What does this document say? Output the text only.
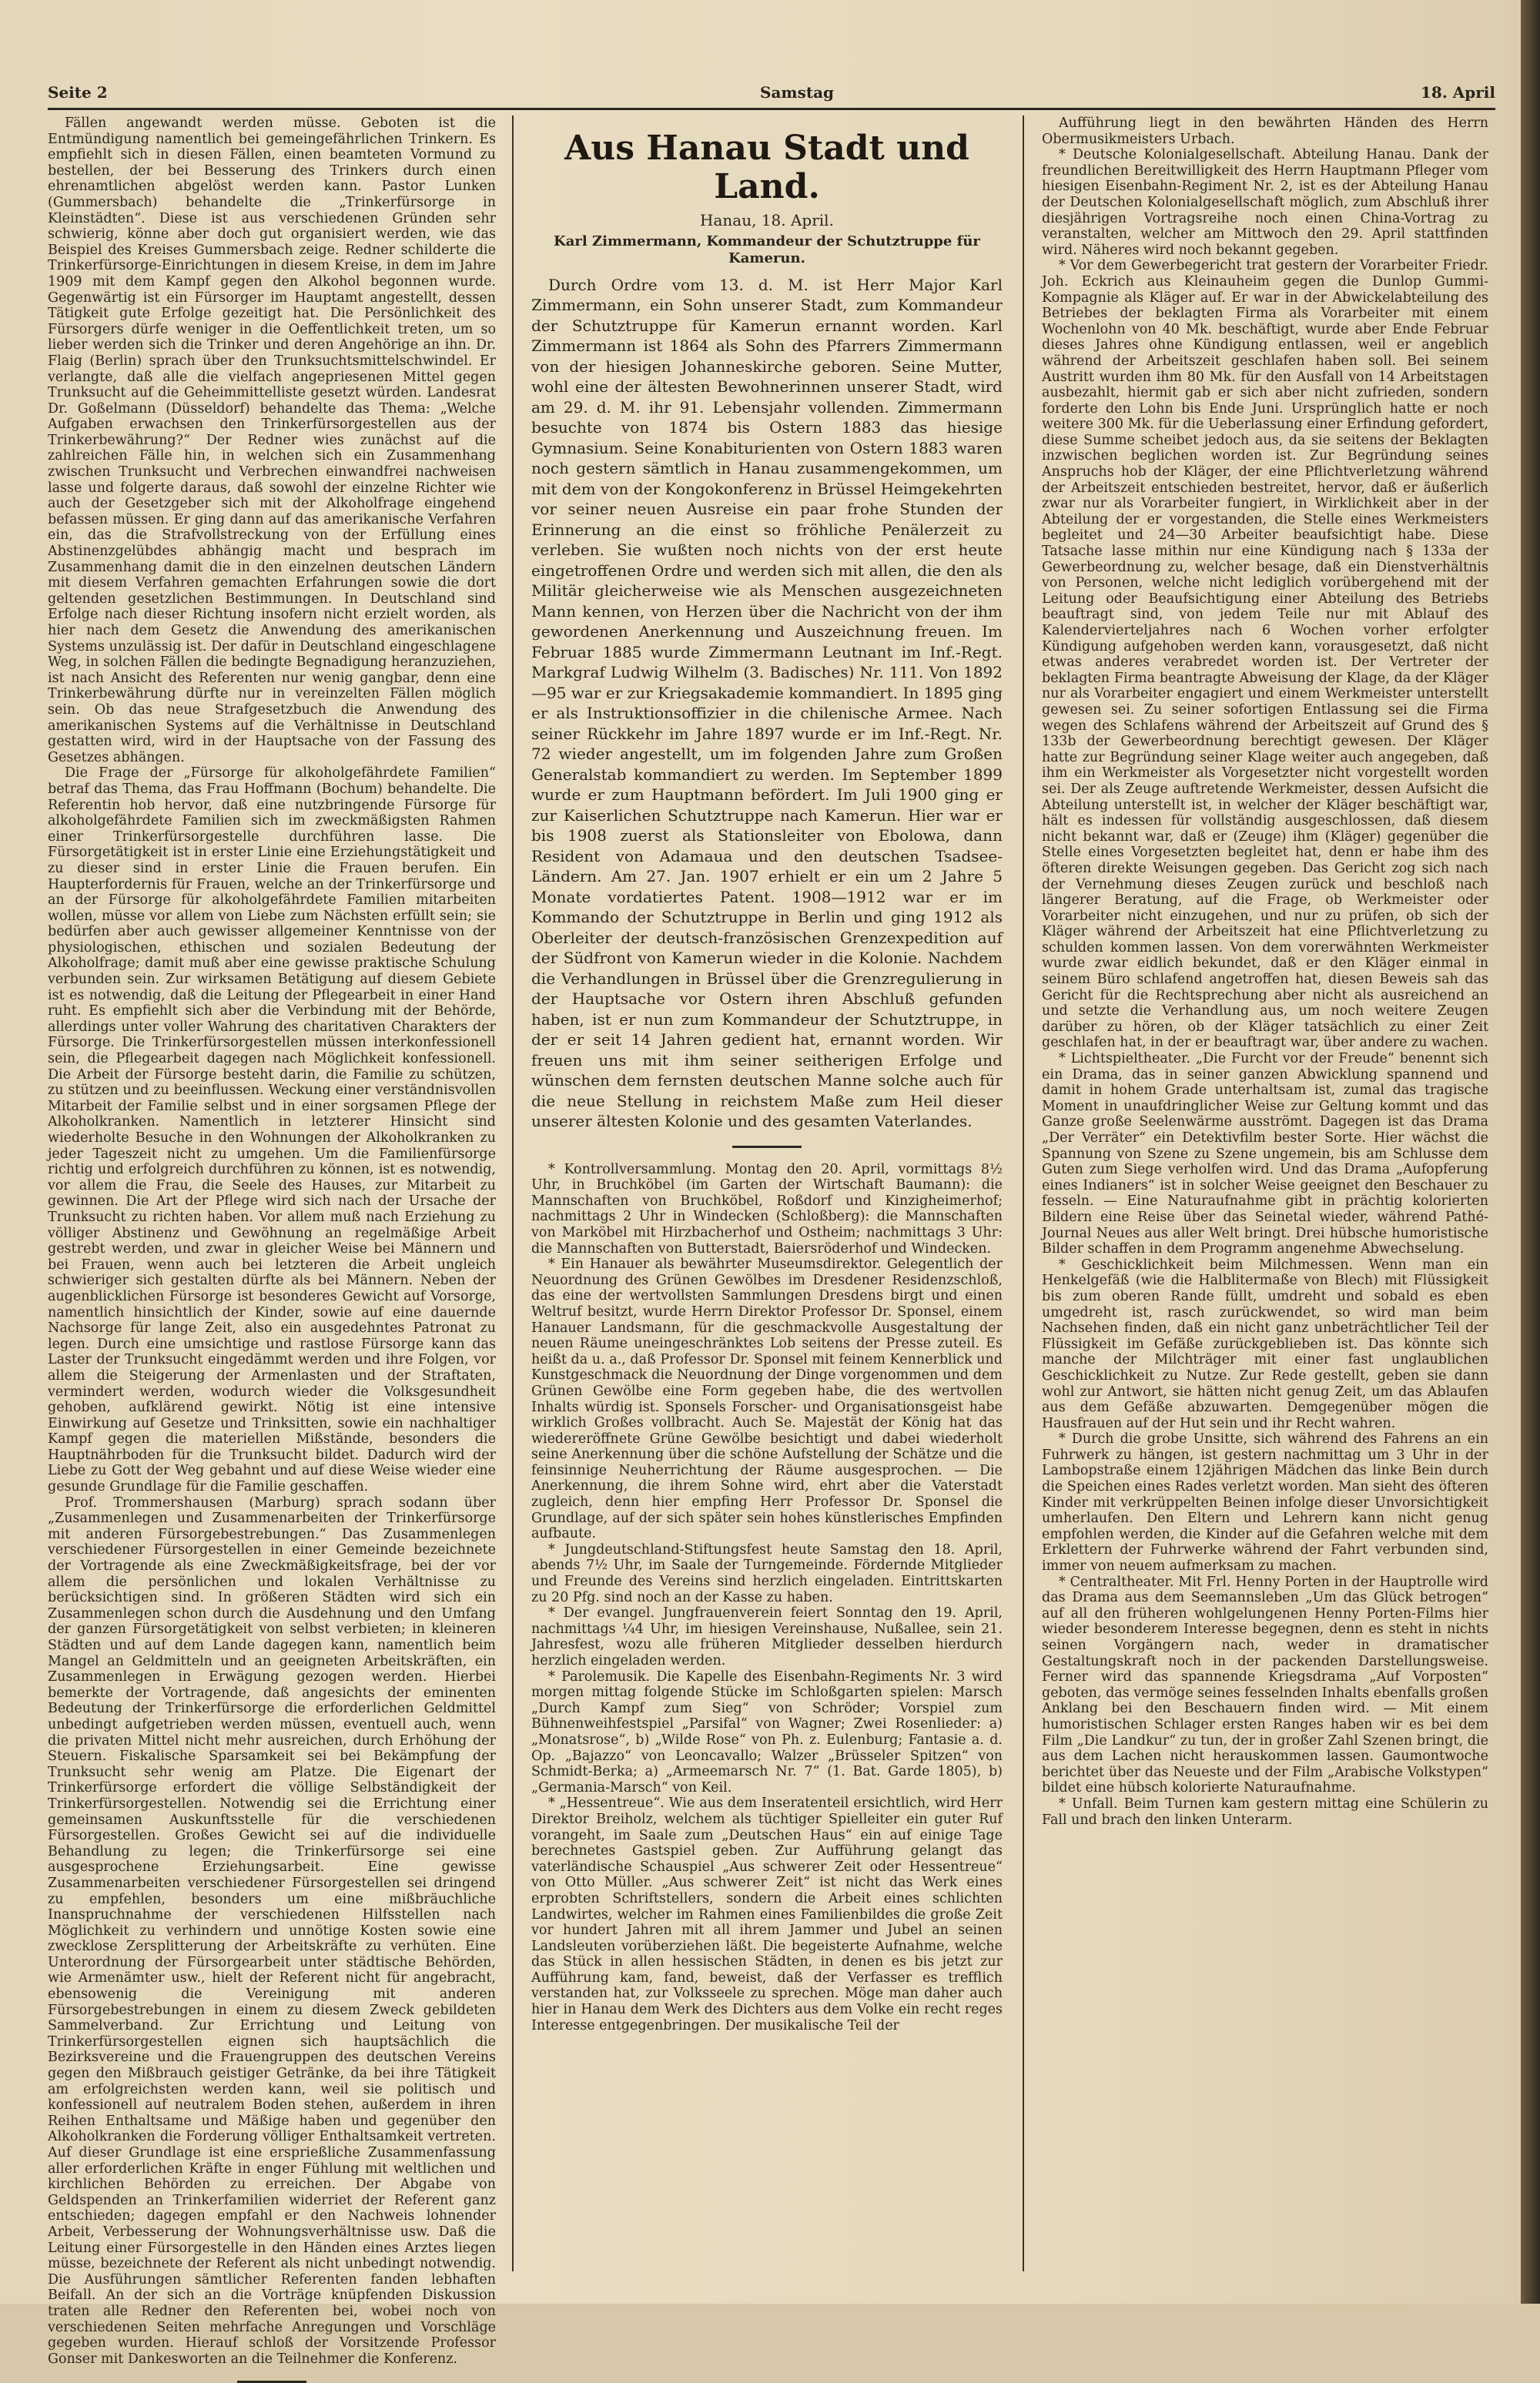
Seite 2	Samstag	18. April

Fällen angewandt werden müsse. Geboten ist die Entmündigung namentlich bei gemeingefährlichen Trinkern. Es empfiehlt sich in diesen Fällen, einen beamteten Vormund zu bestellen, der bei Besserung des Trinkers durch einen ehrenamtlichen abgelöst werden kann. Pastor Lunken (Gummersbach) behandelte die „Trinkerfürsorge in Kleinstädten“. Diese ist aus verschiedenen Gründen sehr schwierig, könne aber doch gut organisiert werden, wie das Beispiel des Kreises Gummersbach zeige. Redner schilderte die Trinkerfürsorge-Einrichtungen in diesem Kreise, in dem im Jahre 1909 mit dem Kampf gegen den Alkohol begonnen wurde. Gegenwärtig ist ein Fürsorger im Hauptamt angestellt, dessen Tätigkeit gute Erfolge gezeitigt hat. Die Persönlichkeit des Fürsorgers dürfe weniger in die Oeffentlichkeit treten, um so lieber werden sich die Trinker und deren Angehörige an ihn. Dr. Flaig (Berlin) sprach über den Trunksuchtsmittelschwindel. Er verlangte, daß alle die vielfach angepriesenen Mittel gegen Trunksucht auf die Geheimmittelliste gesetzt würden. Landesrat Dr. Goßelmann (Düsseldorf) behandelte das Thema: „Welche Aufgaben erwachsen den Trinkerfürsorgestellen aus der Trinkerbewährung?“ Der Redner wies zunächst auf die zahlreichen Fälle hin, in welchen sich ein Zusammenhang zwischen Trunksucht und Verbrechen einwandfrei nachweisen lasse und folgerte daraus, daß sowohl der einzelne Richter wie auch der Gesetzgeber sich mit der Alkoholfrage eingehend befassen müssen. Er ging dann auf das amerikanische Verfahren ein, das die Strafvollstreckung von der Erfüllung eines Abstinenzgelübdes abhängig macht und besprach im Zusammenhang damit die in den einzelnen deutschen Ländern mit diesem Verfahren gemachten Erfahrungen sowie die dort geltenden gesetzlichen Bestimmungen. In Deutschland sind Erfolge nach dieser Richtung insofern nicht erzielt worden, als hier nach dem Gesetz die Anwendung des amerikanischen Systems unzulässig ist. Der dafür in Deutschland eingeschlagene Weg, in solchen Fällen die bedingte Begnadigung heranzuziehen, ist nach Ansicht des Referenten nur wenig gangbar, denn eine Trinkerbewährung dürfte nur in vereinzelten Fällen möglich sein. Ob das neue Strafgesetzbuch die Anwendung des amerikanischen Systems auf die Verhältnisse in Deutschland gestatten wird, wird in der Hauptsache von der Fassung des Gesetzes abhängen.

Die Frage der „Fürsorge für alkoholgefährdete Familien“ betraf das Thema, das Frau Hoffmann (Bochum) behandelte. Die Referentin hob hervor, daß eine nutzbringende Fürsorge für alkoholgefährdete Familien sich im zweckmäßigsten Rahmen einer Trinkerfürsorgestelle durchführen lasse. Die Fürsorgetätigkeit ist in erster Linie eine Erziehungstätigkeit und zu dieser sind in erster Linie die Frauen berufen. Ein Haupterfordernis für Frauen, welche an der Trinkerfürsorge und an der Fürsorge für alkoholgefährdete Familien mitarbeiten wollen, müsse vor allem von Liebe zum Nächsten erfüllt sein; sie bedürfen aber auch gewisser allgemeiner Kenntnisse von der physiologischen, ethischen und sozialen Bedeutung der Alkoholfrage; damit muß aber eine gewisse praktische Schulung verbunden sein. Zur wirksamen Betätigung auf diesem Gebiete ist es notwendig, daß die Leitung der Pflegearbeit in einer Hand ruht. Es empfiehlt sich aber die Verbindung mit der Behörde, allerdings unter voller Wahrung des charitativen Charakters der Fürsorge. Die Trinkerfürsorgestellen müssen interkonfessionell sein, die Pflegearbeit dagegen nach Möglichkeit konfessionell. Die Arbeit der Fürsorge besteht darin, die Familie zu schützen, zu stützen und zu beeinflussen. Weckung einer verständnisvollen Mitarbeit der Familie selbst und in einer sorgsamen Pflege der Alkoholkranken. Namentlich in letzterer Hinsicht sind wiederholte Besuche in den Wohnungen der Alkoholkranken zu jeder Tageszeit nicht zu umgehen. Um die Familienfürsorge richtig und erfolgreich durchführen zu können, ist es notwendig, vor allem die Frau, die Seele des Hauses, zur Mitarbeit zu gewinnen. Die Art der Pflege wird sich nach der Ursache der Trunksucht zu richten haben. Vor allem muß nach Erziehung zu völliger Abstinenz und Gewöhnung an regelmäßige Arbeit gestrebt werden, und zwar in gleicher Weise bei Männern und bei Frauen, wenn auch bei letzteren die Arbeit ungleich schwieriger sich gestalten dürfte als bei Männern. Neben der augenblicklichen Fürsorge ist besonderes Gewicht auf Vorsorge, namentlich hinsichtlich der Kinder, sowie auf eine dauernde Nachsorge für lange Zeit, also ein ausgedehntes Patronat zu legen. Durch eine umsichtige und rastlose Fürsorge kann das Laster der Trunksucht eingedämmt werden und ihre Folgen, vor allem die Steigerung der Armenlasten und der Straftaten, vermindert werden, wodurch wieder die Volksgesundheit gehoben, aufklärend gewirkt. Nötig ist eine intensive Einwirkung auf Gesetze und Trinksitten, sowie ein nachhaltiger Kampf gegen die materiellen Mißstände, besonders die Hauptnährboden für die Trunksucht bildet. Dadurch wird der Liebe zu Gott der Weg gebahnt und auf diese Weise wieder eine gesunde Grundlage für die Familie geschaffen.

Prof. Trommershausen (Marburg) sprach sodann über „Zusammenlegen und Zusammenarbeiten der Trinkerfürsorge mit anderen Fürsorgebestrebungen.“ Das Zusammenlegen verschiedener Fürsorgestellen in einer Gemeinde bezeichnete der Vortragende als eine Zweckmäßigkeitsfrage, bei der vor allem die persönlichen und lokalen Verhältnisse zu berücksichtigen sind. In größeren Städten wird sich ein Zusammenlegen schon durch die Ausdehnung und den Umfang der ganzen Fürsorgetätigkeit von selbst verbieten; in kleineren Städten und auf dem Lande dagegen kann, namentlich beim Mangel an Geldmitteln und an geeigneten Arbeitskräften, ein Zusammenlegen in Erwägung gezogen werden. Hierbei bemerkte der Vortragende, daß angesichts der eminenten Bedeutung der Trinkerfürsorge die erforderlichen Geldmittel unbedingt aufgetrieben werden müssen, eventuell auch, wenn die privaten Mittel nicht mehr ausreichen, durch Erhöhung der Steuern. Fiskalische Sparsamkeit sei bei Bekämpfung der Trunksucht sehr wenig am Platze. Die Eigenart der Trinkerfürsorge erfordert die völlige Selbständigkeit der Trinkerfürsorgestellen. Notwendig sei die Errichtung einer gemeinsamen Auskunftsstelle für die verschiedenen Fürsorgestellen. Großes Gewicht sei auf die individuelle Behandlung zu legen; die Trinkerfürsorge sei eine ausgesprochene Erziehungsarbeit. Eine gewisse Zusammenarbeiten verschiedener Fürsorgestellen sei dringend zu empfehlen, besonders um eine mißbräuchliche Inanspruchnahme der verschiedenen Hilfsstellen nach Möglichkeit zu verhindern und unnötige Kosten sowie eine zwecklose Zersplitterung der Arbeitskräfte zu verhüten. Eine Unterordnung der Fürsorgearbeit unter städtische Behörden, wie Armenämter usw., hielt der Referent nicht für angebracht, ebensowenig die Vereinigung mit anderen Fürsorgebestrebungen in einem zu diesem Zweck gebildeten Sammelverband. Zur Errichtung und Leitung von Trinkerfürsorgestellen eignen sich hauptsächlich die Bezirksvereine und die Frauengruppen des deutschen Vereins gegen den Mißbrauch geistiger Getränke, da bei ihre Tätigkeit am erfolgreichsten werden kann, weil sie politisch und konfessionell auf neutralem Boden stehen, außerdem in ihren Reihen Enthaltsame und Mäßige haben und gegenüber den Alkoholkranken die Forderung völliger Enthaltsamkeit vertreten. Auf dieser Grundlage ist eine ersprießliche Zusammenfassung aller erforderlichen Kräfte in enger Fühlung mit weltlichen und kirchlichen Behörden zu erreichen. Der Abgabe von Geldspenden an Trinkerfamilien widerriet der Referent ganz entschieden; dagegen empfahl er den Nachweis lohnender Arbeit, Verbesserung der Wohnungsverhältnisse usw. Daß die Leitung einer Fürsorgestelle in den Händen eines Arztes liegen müsse, bezeichnete der Referent als nicht unbedingt notwendig. Die Ausführungen sämtlicher Referenten fanden lebhaften Beifall. An der sich an die Vorträge knüpfenden Diskussion traten alle Redner den Referenten bei, wobei noch von verschiedenen Seiten mehrfache Anregungen und Vorschläge gegeben wurden. Hierauf schloß der Vorsitzende Professor Gonser mit Dankesworten an die Teilnehmer die Konferenz.

Aus Hanau Stadt und Land.
Hanau, 18. April.
Karl Zimmermann, Kommandeur der Schutztruppe für Kamerun.

Durch Ordre vom 13. d. M. ist Herr Major Karl Zimmermann, ein Sohn unserer Stadt, zum Kommandeur der Schutztruppe für Kamerun ernannt worden. Karl Zimmermann ist 1864 als Sohn des Pfarrers Zimmermann von der hiesigen Johanneskirche geboren. Seine Mutter, wohl eine der ältesten Bewohnerinnen unserer Stadt, wird am 29. d. M. ihr 91. Lebensjahr vollenden. Zimmermann besuchte von 1874 bis Ostern 1883 das hiesige Gymnasium. Seine Konabiturienten von Ostern 1883 waren noch gestern sämtlich in Hanau zusammengekommen, um mit dem von der Kongokonferenz in Brüssel Heimgekehrten vor seiner neuen Ausreise ein paar frohe Stunden der Erinnerung an die einst so fröhliche Penälerzeit zu verleben. Sie wußten noch nichts von der erst heute eingetroffenen Ordre und werden sich mit allen, die den als Militär gleicherweise wie als Menschen ausgezeichneten Mann kennen, von Herzen über die Nachricht von der ihm gewordenen Anerkennung und Auszeichnung freuen. Im Februar 1885 wurde Zimmermann Leutnant im Inf.-Regt. Markgraf Ludwig Wilhelm (3. Badisches) Nr. 111. Von 1892—95 war er zur Kriegsakademie kommandiert. In 1895 ging er als Instruktionsoffizier in die chilenische Armee. Nach seiner Rückkehr im Jahre 1897 wurde er im Inf.-Regt. Nr. 72 wieder angestellt, um im folgenden Jahre zum Großen Generalstab kommandiert zu werden. Im September 1899 wurde er zum Hauptmann befördert. Im Juli 1900 ging er zur Kaiserlichen Schutztruppe nach Kamerun. Hier war er bis 1908 zuerst als Stationsleiter von Ebolowa, dann Resident von Adamaua und den deutschen Tsadsee-Ländern. Am 27. Jan. 1907 erhielt er ein um 2 Jahre 5 Monate vordatiertes Patent. 1908—1912 war er im Kommando der Schutztruppe in Berlin und ging 1912 als Oberleiter der deutsch-französischen Grenzexpedition auf der Südfront von Kamerun wieder in die Kolonie. Nachdem die Verhandlungen in Brüssel über die Grenzregulierung in der Hauptsache vor Ostern ihren Abschluß gefunden haben, ist er nun zum Kommandeur der Schutztruppe, in der er seit 14 Jahren gedient hat, ernannt worden. Wir freuen uns mit ihm seiner seitherigen Erfolge und wünschen dem fernsten deutschen Manne solche auch für die neue Stellung in reichstem Maße zum Heil dieser unserer ältesten Kolonie und des gesamten Vaterlandes.

* Kontrollversammlung. Montag den 20. April, vormittags 8½ Uhr, in Bruchköbel (im Garten der Wirtschaft Baumann): die Mannschaften von Bruchköbel, Roßdorf und Kinzigheimerhof; nachmittags 2 Uhr in Windecken (Schloßberg): die Mannschaften von Marköbel mit Hirzbacherhof und Ostheim; nachmittags 3 Uhr: die Mannschaften von Butterstadt, Baiersröderhof und Windecken.

* Ein Hanauer als bewährter Museumsdirektor. Gelegentlich der Neuordnung des Grünen Gewölbes im Dresdener Residenzschloß, das eine der wertvollsten Sammlungen Dresdens birgt und einen Weltruf besitzt, wurde Herrn Direktor Professor Dr. Sponsel, einem Hanauer Landsmann, für die geschmackvolle Ausgestaltung der neuen Räume uneingeschränktes Lob seitens der Presse zuteil. Es heißt da u. a., daß Professor Dr. Sponsel mit feinem Kennerblick und Kunstgeschmack die Neuordnung der Dinge vorgenommen und dem Grünen Gewölbe eine Form gegeben habe, die des wertvollen Inhalts würdig ist. Sponsels Forscher- und Organisationsgeist habe wirklich Großes vollbracht. Auch Se. Majestät der König hat das wiedereröffnete Grüne Gewölbe besichtigt und dabei wiederholt seine Anerkennung über die schöne Aufstellung der Schätze und die feinsinnige Neuherrichtung der Räume ausgesprochen. — Die Anerkennung, die ihrem Sohne wird, ehrt aber die Vaterstadt zugleich, denn hier empfing Herr Professor Dr. Sponsel die Grundlage, auf der sich später sein hohes künstlerisches Empfinden aufbaute.

* Jungdeutschland-Stiftungsfest heute Samstag den 18. April, abends 7½ Uhr, im Saale der Turngemeinde. Fördernde Mitglieder und Freunde des Vereins sind herzlich eingeladen. Eintrittskarten zu 20 Pfg. sind noch an der Kasse zu haben.

* Der evangel. Jungfrauenverein feiert Sonntag den 19. April, nachmittags ¼4 Uhr, im hiesigen Vereinshause, Nußallee, sein 21. Jahresfest, wozu alle früheren Mitglieder desselben hierdurch herzlich eingeladen werden.

* Parolemusik. Die Kapelle des Eisenbahn-Regiments Nr. 3 wird morgen mittag folgende Stücke im Schloßgarten spielen: Marsch „Durch Kampf zum Sieg“ von Schröder; Vorspiel zum Bühnenweihfestspiel „Parsifal“ von Wagner; Zwei Rosenlieder: a) „Monatsrose“, b) „Wilde Rose“ von Ph. z. Eulenburg; Fantasie a. d. Op. „Bajazzo“ von Leoncavallo; Walzer „Brüsseler Spitzen“ von Schmidt-Berka; a) „Armeemarsch Nr. 7“ (1. Bat. Garde 1805), b) „Germania-Marsch“ von Keil.

* „Hessentreue“. Wie aus dem Inseratenteil ersichtlich, wird Herr Direktor Breiholz, welchem als tüchtiger Spielleiter ein guter Ruf vorangeht, im Saale zum „Deutschen Haus“ ein auf einige Tage berechnetes Gastspiel geben. Zur Aufführung gelangt das vaterländische Schauspiel „Aus schwerer Zeit oder Hessentreue“ von Otto Müller. „Aus schwerer Zeit“ ist nicht das Werk eines erprobten Schriftstellers, sondern die Arbeit eines schlichten Landwirtes, welcher im Rahmen eines Familienbildes die große Zeit vor hundert Jahren mit all ihrem Jammer und Jubel an seinen Landsleuten vorüberziehen läßt. Die begeisterte Aufnahme, welche das Stück in allen hessischen Städten, in denen es bis jetzt zur Aufführung kam, fand, beweist, daß der Verfasser es trefflich verstanden hat, zur Volksseele zu sprechen. Möge man daher auch hier in Hanau dem Werk des Dichters aus dem Volke ein recht reges Interesse entgegenbringen. Der musikalische Teil der

Aufführung liegt in den bewährten Händen des Herrn Obermusikmeisters Urbach.

* Deutsche Kolonialgesellschaft. Abteilung Hanau. Dank der freundlichen Bereitwilligkeit des Herrn Hauptmann Pfleger vom hiesigen Eisenbahn-Regiment Nr. 2, ist es der Abteilung Hanau der Deutschen Kolonialgesellschaft möglich, zum Abschluß ihrer diesjährigen Vortragsreihe noch einen China-Vortrag zu veranstalten, welcher am Mittwoch den 29. April stattfinden wird. Näheres wird noch bekannt gegeben.

* Vor dem Gewerbegericht trat gestern der Vorarbeiter Friedr. Joh. Eckrich aus Kleinauheim gegen die Dunlop Gummi-Kompagnie als Kläger auf. Er war in der Abwickelabteilung des Betriebes der beklagten Firma als Vorarbeiter mit einem Wochenlohn von 40 Mk. beschäftigt, wurde aber Ende Februar dieses Jahres ohne Kündigung entlassen, weil er angeblich während der Arbeitszeit geschlafen haben soll. Bei seinem Austritt wurden ihm 80 Mk. für den Ausfall von 14 Arbeitstagen ausbezahlt, hiermit gab er sich aber nicht zufrieden, sondern forderte den Lohn bis Ende Juni. Ursprünglich hatte er noch weitere 300 Mk. für die Ueberlassung einer Erfindung gefordert, diese Summe scheibet jedoch aus, da sie seitens der Beklagten inzwischen beglichen worden ist. Zur Begründung seines Anspruchs hob der Kläger, der eine Pflichtverletzung während der Arbeitszeit entschieden bestreitet, hervor, daß er äußerlich zwar nur als Vorarbeiter fungiert, in Wirklichkeit aber in der Abteilung der er vorgestanden, die Stelle eines Werkmeisters begleitet und 24—30 Arbeiter beaufsichtigt habe. Diese Tatsache lasse mithin nur eine Kündigung nach § 133a der Gewerbeordnung zu, welcher besage, daß ein Dienstverhältnis von Personen, welche nicht lediglich vorübergehend mit der Leitung oder Beaufsichtigung einer Abteilung des Betriebs beauftragt sind, von jedem Teile nur mit Ablauf des Kalendervierteljahres nach 6 Wochen vorher erfolgter Kündigung aufgehoben werden kann, vorausgesetzt, daß nicht etwas anderes verabredet worden ist. Der Vertreter der beklagten Firma beantragte Abweisung der Klage, da der Kläger nur als Vorarbeiter engagiert und einem Werkmeister unterstellt gewesen sei. Zu seiner sofortigen Entlassung sei die Firma wegen des Schlafens während der Arbeitszeit auf Grund des § 133b der Gewerbeordnung berechtigt gewesen. Der Kläger hatte zur Begründung seiner Klage weiter auch angegeben, daß ihm ein Werkmeister als Vorgesetzter nicht vorgestellt worden sei. Der als Zeuge auftretende Werkmeister, dessen Aufsicht die Abteilung unterstellt ist, in welcher der Kläger beschäftigt war, hält es indessen für vollständig ausgeschlossen, daß diesem nicht bekannt war, daß er (Zeuge) ihm (Kläger) gegenüber die Stelle eines Vorgesetzten begleitet hat, denn er habe ihm des öfteren direkte Weisungen gegeben. Das Gericht zog sich nach der Vernehmung dieses Zeugen zurück und beschloß nach längerer Beratung, auf die Frage, ob Werkmeister oder Vorarbeiter nicht einzugehen, und nur zu prüfen, ob sich der Kläger während der Arbeitszeit hat eine Pflichtverletzung zu schulden kommen lassen. Von dem vorerwähnten Werkmeister wurde zwar eidlich bekundet, daß er den Kläger einmal in seinem Büro schlafend angetroffen hat, diesen Beweis sah das Gericht für die Rechtsprechung aber nicht als ausreichend an und setzte die Verhandlung aus, um noch weitere Zeugen darüber zu hören, ob der Kläger tatsächlich zu einer Zeit geschlafen hat, in der er beauftragt war, über andere zu wachen.

* Lichtspieltheater. „Die Furcht vor der Freude“ benennt sich ein Drama, das in seiner ganzen Abwicklung spannend und damit in hohem Grade unterhaltsam ist, zumal das tragische Moment in unaufdringlicher Weise zur Geltung kommt und das Ganze große Seelenwärme ausströmt. Dagegen ist das Drama „Der Verräter“ ein Detektivfilm bester Sorte. Hier wächst die Spannung von Szene zu Szene ungemein, bis am Schlusse dem Guten zum Siege verholfen wird. Und das Drama „Aufopferung eines Indianers“ ist in solcher Weise geeignet den Beschauer zu fesseln. — Eine Naturaufnahme gibt in prächtig kolorierten Bildern eine Reise über das Seinetal wieder, während Pathé-Journal Neues aus aller Welt bringt. Drei hübsche humoristische Bilder schaffen in dem Programm angenehme Abwechselung.

* Geschicklichkeit beim Milchmessen. Wenn man ein Henkelgefäß (wie die Halblitermaße von Blech) mit Flüssigkeit bis zum oberen Rande füllt, umdreht und sobald es eben umgedreht ist, rasch zurückwendet, so wird man beim Nachsehen finden, daß ein nicht ganz unbeträchtlicher Teil der Flüssigkeit im Gefäße zurückgeblieben ist. Das könnte sich manche der Milchträger mit einer fast unglaublichen Geschicklichkeit zu Nutze. Zur Rede gestellt, geben sie dann wohl zur Antwort, sie hätten nicht genug Zeit, um das Ablaufen aus dem Gefäße abzuwarten. Demgegenüber mögen die Hausfrauen auf der Hut sein und ihr Recht wahren.

* Durch die grobe Unsitte, sich während des Fahrens an ein Fuhrwerk zu hängen, ist gestern nachmittag um 3 Uhr in der Lambopstraße einem 12jährigen Mädchen das linke Bein durch die Speichen eines Rades verletzt worden. Man sieht des öfteren Kinder mit verkrüppelten Beinen infolge dieser Unvorsichtigkeit umherlaufen. Den Eltern und Lehrern kann nicht genug empfohlen werden, die Kinder auf die Gefahren welche mit dem Erklettern der Fuhrwerke während der Fahrt verbunden sind, immer von neuem aufmerksam zu machen.

* Centraltheater. Mit Frl. Henny Porten in der Hauptrolle wird das Drama aus dem Seemannsleben „Um das Glück betrogen“ auf all den früheren wohlgelungenen Henny Porten-Films hier wieder besonderem Interesse begegnen, denn es steht in nichts seinen Vorgängern nach, weder in dramatischer Gestaltungskraft noch in der packenden Darstellungsweise. Ferner wird das spannende Kriegsdrama „Auf Vorposten“ geboten, das vermöge seines fesselnden Inhalts ebenfalls großen Anklang bei den Beschauern finden wird. — Mit einem humoristischen Schlager ersten Ranges haben wir es bei dem Film „Die Landkur“ zu tun, der in großer Zahl Szenen bringt, die aus dem Lachen nicht herauskommen lassen. Gaumontwoche berichtet über das Neueste und der Film „Arabische Volkstypen“ bildet eine hübsch kolorierte Naturaufnahme.

* Unfall. Beim Turnen kam gestern mittag eine Schülerin zu Fall und brach den linken Unterarm.
